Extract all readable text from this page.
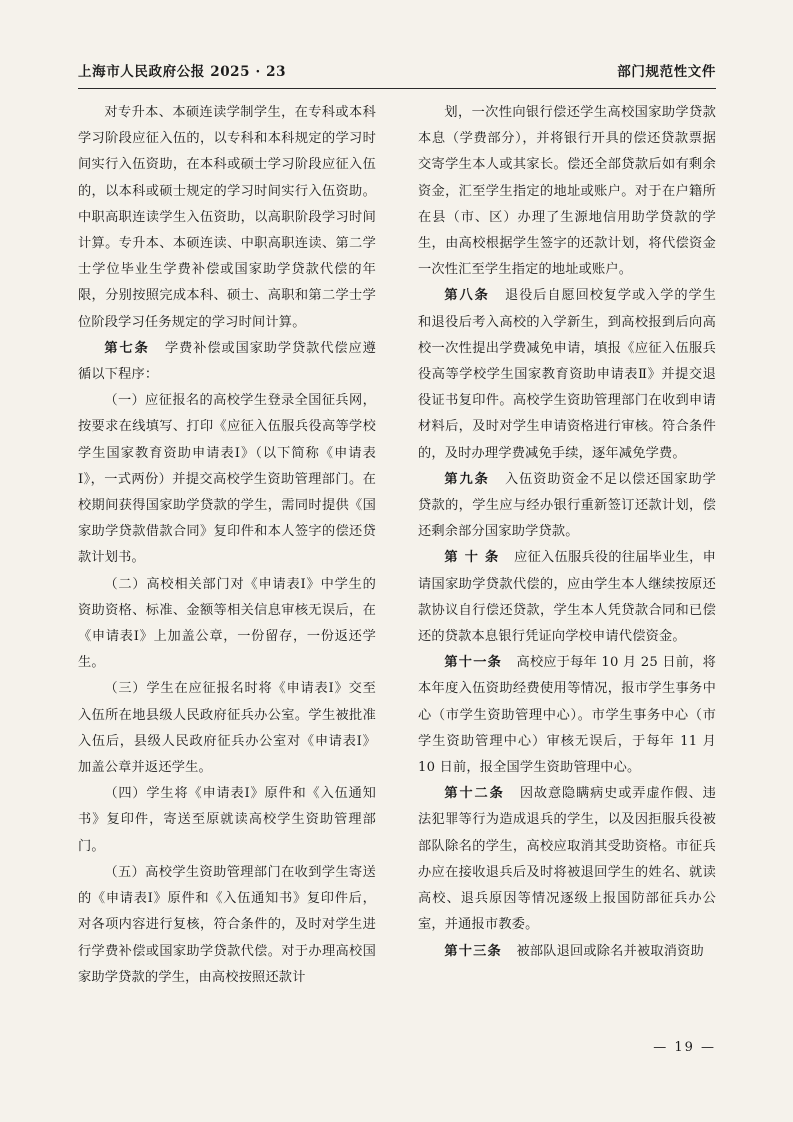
上海市人民政府公报 2025 · 23	部门规范性文件

对专升本、本硕连读学制学生，在专科或本科学习阶段应征入伍的，以专科和本科规定的学习时间实行入伍资助，在本科或硕士学习阶段应征入伍的，以本科或硕士规定的学习时间实行入伍资助。中职高职连读学生入伍资助，以高职阶段学习时间计算。专升本、本硕连读、中职高职连读、第二学士学位毕业生学费补偿或国家助学贷款代偿的年限，分别按照完成本科、硕士、高职和第二学士学位阶段学习任务规定的学习时间计算。

第七条 学费补偿或国家助学贷款代偿应遵循以下程序：

（一）应征报名的高校学生登录全国征兵网，按要求在线填写、打印《应征入伍服兵役高等学校学生国家教育资助申请表Ⅰ》（以下简称《申请表Ⅰ》，一式两份）并提交高校学生资助管理部门。在校期间获得国家助学贷款的学生，需同时提供《国家助学贷款借款合同》复印件和本人签字的偿还贷款计划书。

（二）高校相关部门对《申请表Ⅰ》中学生的资助资格、标准、金额等相关信息审核无误后，在《申请表Ⅰ》上加盖公章，一份留存，一份返还学生。

（三）学生在应征报名时将《申请表Ⅰ》交至入伍所在地县级人民政府征兵办公室。学生被批准入伍后，县级人民政府征兵办公室对《申请表Ⅰ》加盖公章并返还学生。

（四）学生将《申请表Ⅰ》原件和《入伍通知书》复印件，寄送至原就读高校学生资助管理部门。

（五）高校学生资助管理部门在收到学生寄送的《申请表Ⅰ》原件和《入伍通知书》复印件后，对各项内容进行复核，符合条件的，及时对学生进行学费补偿或国家助学贷款代偿。对于办理高校国家助学贷款的学生，由高校按照还款计

划，一次性向银行偿还学生高校国家助学贷款本息（学费部分），并将银行开具的偿还贷款票据交寄学生本人或其家长。偿还全部贷款后如有剩余资金，汇至学生指定的地址或账户。对于在户籍所在县（市、区）办理了生源地信用助学贷款的学生，由高校根据学生签字的还款计划，将代偿资金一次性汇至学生指定的地址或账户。

第八条 退役后自愿回校复学或入学的学生和退役后考入高校的入学新生，到高校报到后向高校一次性提出学费减免申请，填报《应征入伍服兵役高等学校学生国家教育资助申请表Ⅱ》并提交退役证书复印件。高校学生资助管理部门在收到申请材料后，及时对学生申请资格进行审核。符合条件的，及时办理学费减免手续，逐年减免学费。

第九条 入伍资助资金不足以偿还国家助学贷款的，学生应与经办银行重新签订还款计划，偿还剩余部分国家助学贷款。

第 十 条 应征入伍服兵役的往届毕业生，申请国家助学贷款代偿的，应由学生本人继续按原还款协议自行偿还贷款，学生本人凭贷款合同和已偿还的贷款本息银行凭证向学校申请代偿资金。

第十一条 高校应于每年 10 月 25 日前，将本年度入伍资助经费使用等情况，报市学生事务中心（市学生资助管理中心）。市学生事务中心（市学生资助管理中心）审核无误后，于每年 11 月 10 日前，报全国学生资助管理中心。

第十二条 因故意隐瞒病史或弄虚作假、违法犯罪等行为造成退兵的学生，以及因拒服兵役被部队除名的学生，高校应取消其受助资格。市征兵办应在接收退兵后及时将被退回学生的姓名、就读高校、退兵原因等情况逐级上报国防部征兵办公室，并通报市教委。

第十三条 被部队退回或除名并被取消资助

— 19 —
